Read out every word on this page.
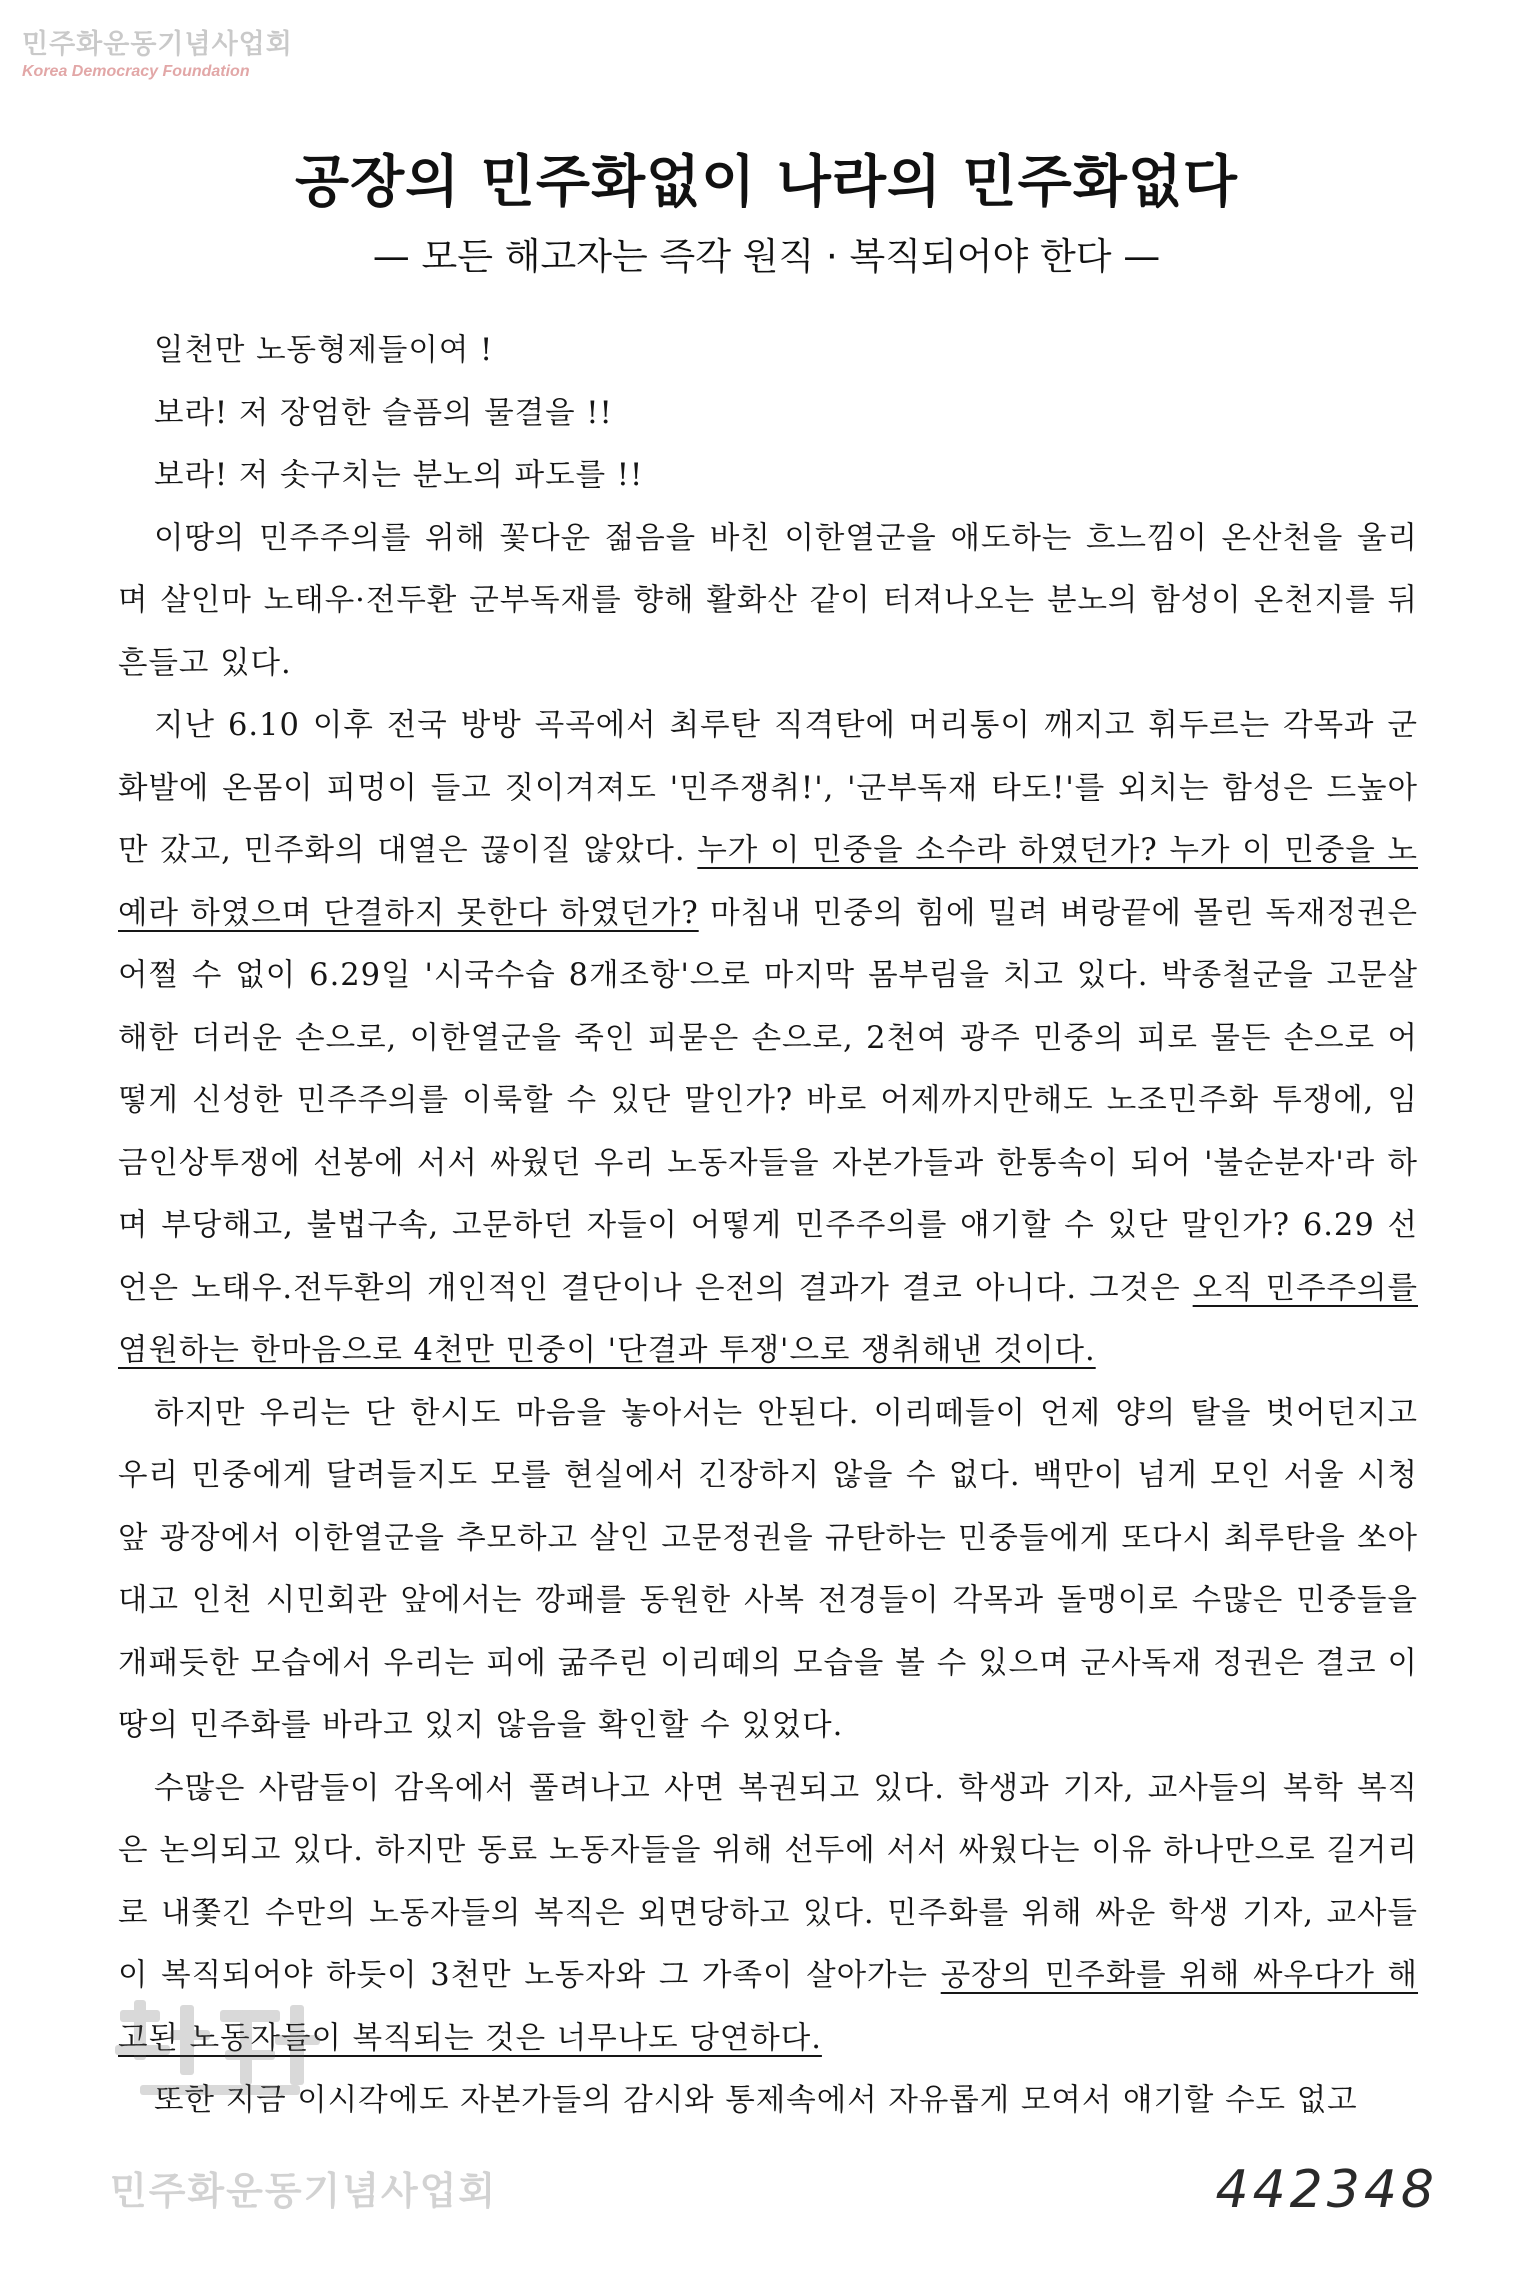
민주화운동기념사업회
Korea Democracy Foundation
공장의 민주화없이 나라의 민주화없다
— 모든 해고자는 즉각 원직 · 복직되어야 한다 —

일천만 노동형제들이여 !

보라! 저 장엄한 슬픔의 물결을 !!

보라! 저 솟구치는 분노의 파도를 !!

이땅의 민주주의를 위해 꽃다운 젊음을 바친 이한열군을 애도하는 흐느낌이 온산천을 울리며 살인마 노태우·전두환 군부독재를 향해 활화산 같이 터져나오는 분노의 함성이 온천지를 뒤흔들고 있다.

지난 6.10 이후 전국 방방 곡곡에서 최루탄 직격탄에 머리통이 깨지고 휘두르는 각목과 군화발에 온몸이 피멍이 들고 짓이겨져도 '민주쟁취!', '군부독재 타도!'를 외치는 함성은 드높아만 갔고, 민주화의 대열은 끊이질 않았다. 누가 이 민중을 소수라 하였던가? 누가 이 민중을 노예라 하였으며 단결하지 못한다 하였던가? 마침내 민중의 힘에 밀려 벼랑끝에 몰린 독재정권은 어쩔 수 없이 6.29일 '시국수습 8개조항'으로 마지막 몸부림을 치고 있다. 박종철군을 고문살해한 더러운 손으로, 이한열군을 죽인 피묻은 손으로, 2천여 광주 민중의 피로 물든 손으로 어떻게 신성한 민주주의를 이룩할 수 있단 말인가? 바로 어제까지만해도 노조민주화 투쟁에, 임금인상투쟁에 선봉에 서서 싸웠던 우리 노동자들을 자본가들과 한통속이 되어 '불순분자'라 하며 부당해고, 불법구속, 고문하던 자들이 어떻게 민주주의를 얘기할 수 있단 말인가? 6.29 선언은 노태우.전두환의 개인적인 결단이나 은전의 결과가 결코 아니다. 그것은 오직 민주주의를 염원하는 한마음으로 4천만 민중이 '단결과 투쟁'으로 쟁취해낸 것이다.

하지만 우리는 단 한시도 마음을 놓아서는 안된다. 이리떼들이 언제 양의 탈을 벗어던지고 우리 민중에게 달려들지도 모를 현실에서 긴장하지 않을 수 없다. 백만이 넘게 모인 서울 시청앞 광장에서 이한열군을 추모하고 살인 고문정권을 규탄하는 민중들에게 또다시 최루탄을 쏘아대고 인천 시민회관 앞에서는 깡패를 동원한 사복 전경들이 각목과 돌맹이로 수많은 민중들을 개패듯한 모습에서 우리는 피에 굶주린 이리떼의 모습을 볼 수 있으며 군사독재 정권은 결코 이땅의 민주화를 바라고 있지 않음을 확인할 수 있었다.

수많은 사람들이 감옥에서 풀려나고 사면 복권되고 있다. 학생과 기자, 교사들의 복학 복직은 논의되고 있다. 하지만 동료 노동자들을 위해 선두에 서서 싸웠다는 이유 하나만으로 길거리로 내쫓긴 수만의 노동자들의 복직은 외면당하고 있다. 민주화를 위해 싸운 학생 기자, 교사들이 복직되어야 하듯이 3천만 노동자와 그 가족이 살아가는 공장의 민주화를 위해 싸우다가 해고된 노동자들이 복직되는 것은 너무나도 당연하다.

또한 지금 이시각에도 자본가들의 감시와 통제속에서 자유롭게 모여서 얘기할 수도 없고

민주화운동기념사업회	442348
